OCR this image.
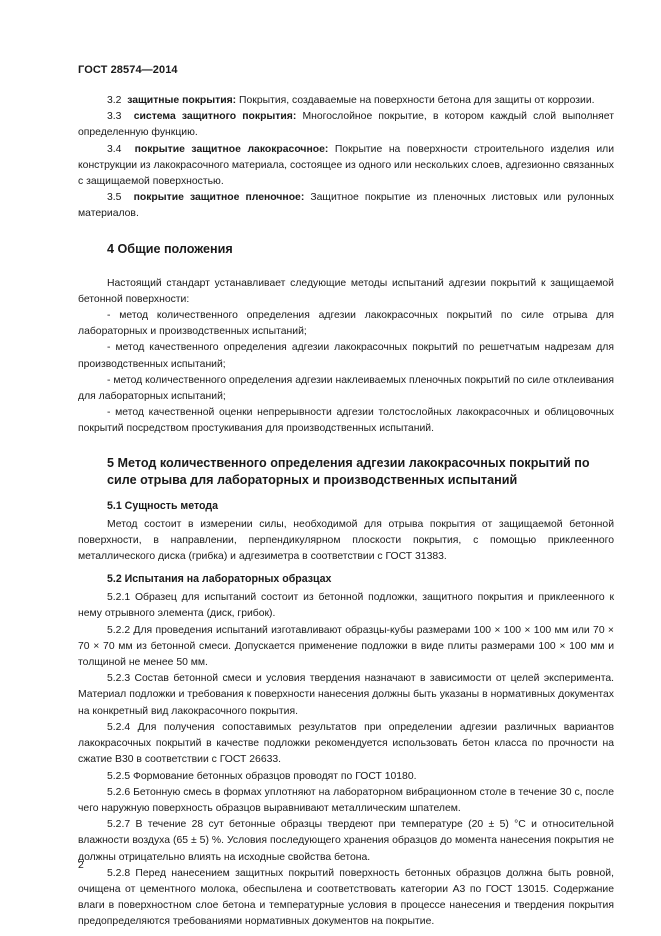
ГОСТ 28574—2014

3.2 защитные покрытия: Покрытия, создаваемые на поверхности бетона для защиты от коррозии.

3.3 система защитного покрытия: Многослойное покрытие, в котором каждый слой выполняет определенную функцию.

3.4 покрытие защитное лакокрасочное: Покрытие на поверхности строительного изделия или конструкции из лакокрасочного материала, состоящее из одного или нескольких слоев, адгезионно связанных с защищаемой поверхностью.

3.5 покрытие защитное пленочное: Защитное покрытие из пленочных листовых или рулонных материалов.

4 Общие положения

Настоящий стандарт устанавливает следующие методы испытаний адгезии покрытий к защищаемой бетонной поверхности:

- метод количественного определения адгезии лакокрасочных покрытий по силе отрыва для лабораторных и производственных испытаний;

- метод качественного определения адгезии лакокрасочных покрытий по решетчатым надрезам для производственных испытаний;

- метод количественного определения адгезии наклеиваемых пленочных покрытий по силе отклеивания для лабораторных испытаний;

- метод качественной оценки непрерывности адгезии толстослойных лакокрасочных и облицовочных покрытий посредством простукивания для производственных испытаний.

5 Метод количественного определения адгезии лакокрасочных покрытий по силе отрыва для лабораторных и производственных испытаний
5.1 Сущность метода

Метод состоит в измерении силы, необходимой для отрыва покрытия от защищаемой бетонной поверхности, в направлении, перпендикулярном плоскости покрытия, с помощью приклеенного металлического диска (грибка) и адгезиметра в соответствии с ГОСТ 31383.

5.2 Испытания на лабораторных образцах

5.2.1 Образец для испытаний состоит из бетонной подложки, защитного покрытия и приклеенного к нему отрывного элемента (диск, грибок).

5.2.2 Для проведения испытаний изготавливают образцы-кубы размерами 100 × 100 × 100 мм или 70 × 70 × 70 мм из бетонной смеси. Допускается применение подложки в виде плиты размерами 100 × 100 мм и толщиной не менее 50 мм.

5.2.3 Состав бетонной смеси и условия твердения назначают в зависимости от целей эксперимента. Материал подложки и требования к поверхности нанесения должны быть указаны в нормативных документах на конкретный вид лакокрасочного покрытия.

5.2.4 Для получения сопоставимых результатов при определении адгезии различных вариантов лакокрасочных покрытий в качестве подложки рекомендуется использовать бетон класса по прочности на сжатие В30 в соответствии с ГОСТ 26633.

5.2.5 Формование бетонных образцов проводят по ГОСТ 10180.

5.2.6 Бетонную смесь в формах уплотняют на лабораторном вибрационном столе в течение 30 с, после чего наружную поверхность образцов выравнивают металлическим шпателем.

5.2.7 В течение 28 сут бетонные образцы твердеют при температуре (20 ± 5) °С и относительной влажности воздуха (65 ± 5) %. Условия последующего хранения образцов до момента нанесения покрытия не должны отрицательно влиять на исходные свойства бетона.

5.2.8 Перед нанесением защитных покрытий поверхность бетонных образцов должна быть ровной, очищена от цементного молока, обеспылена и соответствовать категории А3 по ГОСТ 13015. Содержание влаги в поверхностном слое бетона и температурные условия в процессе нанесения и твердения покрытия предопределяются требованиями нормативных документов на покрытие.

2
